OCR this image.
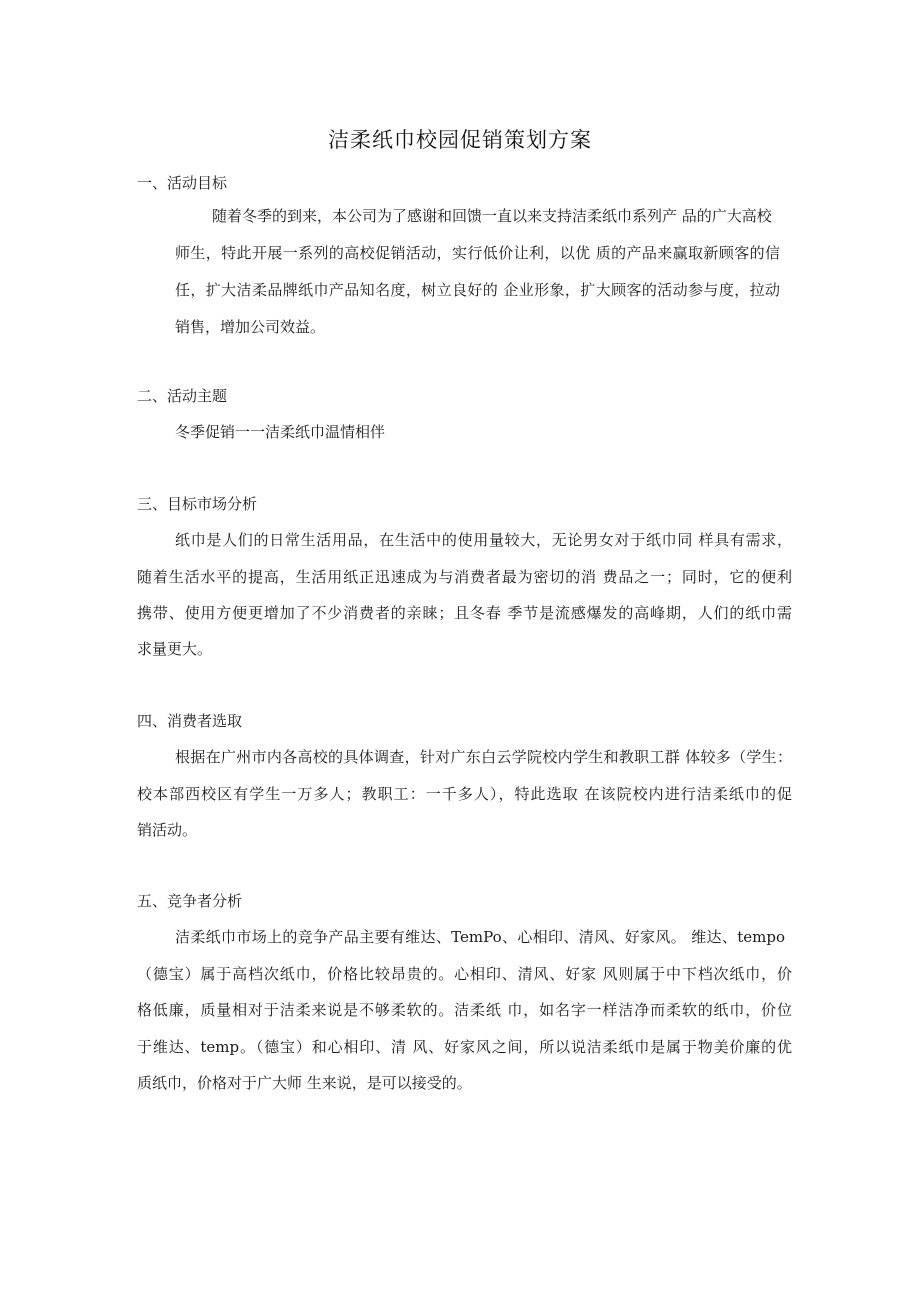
洁柔纸巾校园促销策划方案
一、活动目标
随着冬季的到来，本公司为了感谢和回馈一直以来支持洁柔纸巾系列产 品的广大高校
师生，特此开展一系列的高校促销活动，实行低价让利，以优 质的产品来赢取新顾客的信
任，扩大洁柔品牌纸巾产品知名度，树立良好的 企业形象，扩大顾客的活动参与度，拉动
销售，增加公司效益。
二、活动主题
冬季促销一一洁柔纸巾温情相伴
三、目标市场分析
纸巾是人们的日常生活用品，在生活中的使用量较大，无论男女对于纸巾同 样具有需求，
随着生活水平的提高，生活用纸正迅速成为与消费者最为密切的消 费品之一；同时，它的便利
携带、使用方便更增加了不少消费者的亲睐；且冬春 季节是流感爆发的高峰期，人们的纸巾需
求量更大。
四、消费者选取
根据在广州市内各高校的具体调查，针对广东白云学院校内学生和教职工群 体较多（学生：
校本部西校区有学生一万多人；教职工：一千多人），特此选取 在该院校内进行洁柔纸巾的促
销活动。
五、竞争者分析
洁柔纸巾市场上的竞争产品主要有维达、TemPo、心相印、清风、好家风。 维达、tempo
（德宝）属于高档次纸巾，价格比较昂贵的。心相印、清风、好家 风则属于中下档次纸巾，价
格低廉，质量相对于洁柔来说是不够柔软的。洁柔纸 巾，如名字一样洁净而柔软的纸巾，价位
于维达、temp。（德宝）和心相印、清 风、好家风之间，所以说洁柔纸巾是属于物美价廉的优
质纸巾，价格对于广大师 生来说，是可以接受的。
